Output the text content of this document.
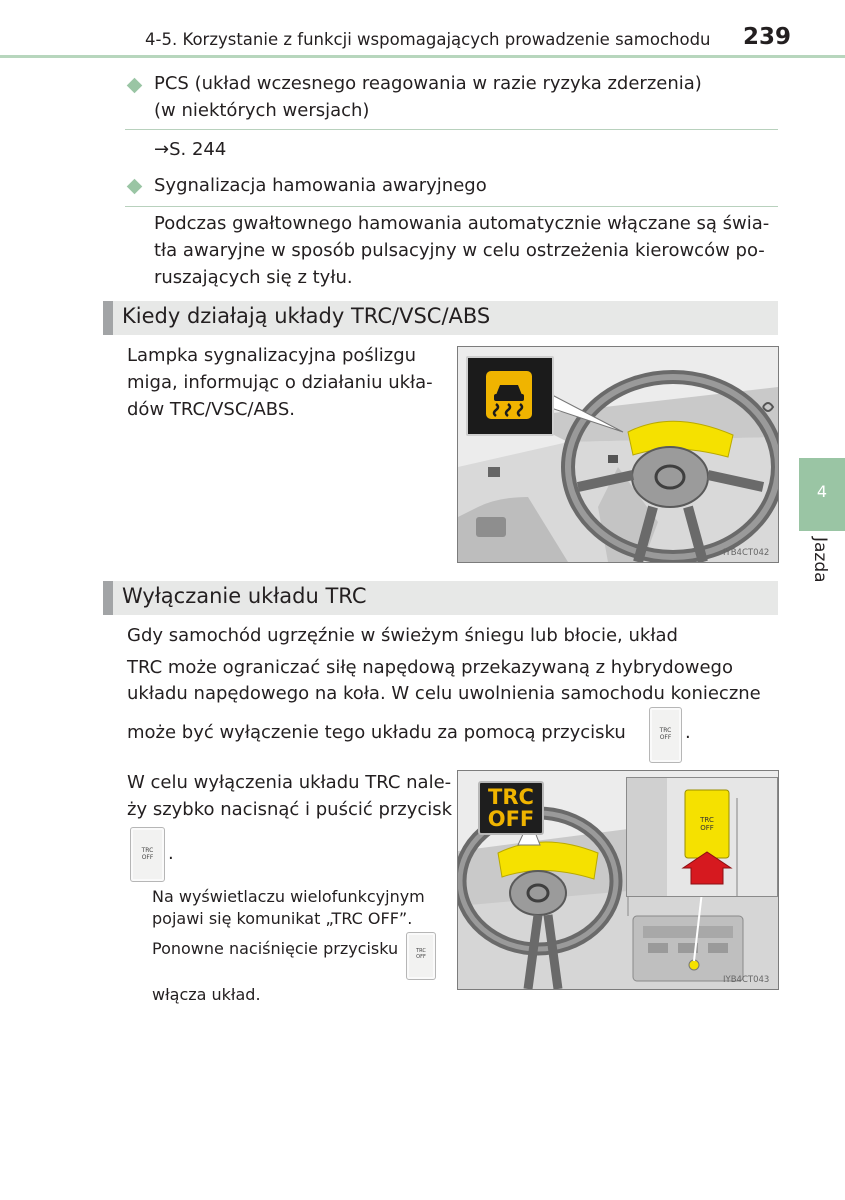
4-5. Korzystanie z funkcji wspomagających prowadzenie samochodu 239
PCS (układ wczesnego reagowania w razie ryzyka zderzenia)
(w niektórych wersjach)
→S. 244
Sygnalizacja hamowania awaryjnego
Podczas gwałtownego hamowania automatycznie włączane są świa-
tła awaryjne w sposób pulsacyjny w celu ostrzeżenia kierowców po-
ruszających się z tyłu.
Kiedy działają układy TRC/VSC/ABS
Lampka sygnalizacyjna poślizgu
miga, informując o działaniu ukła-
dów TRC/VSC/ABS.
IYB4CT042
4
Jazda
Wyłączanie układu TRC
Gdy samochód ugrzęźnie w świeżym śniegu lub błocie, układ
TRC może ograniczać siłę napędową przekazywaną z hybrydowego
układu napędowego na koła. W celu uwolnienia samochodu konieczne
może być wyłączenie tego układu za pomocą przycisku	TRC
OFF .
W celu wyłączenia układu TRC nale-
ży szybko nacisnąć i puścić przycisk
TRC
OFF .
Na wyświetlaczu wielofunkcyjnym
pojawi się komunikat „TRC OFF”.
Ponowne naciśnięcie przycisku	TRC
OFF
włącza układ.
TRC
OFF
TRC
OFF
IYB4CT043
